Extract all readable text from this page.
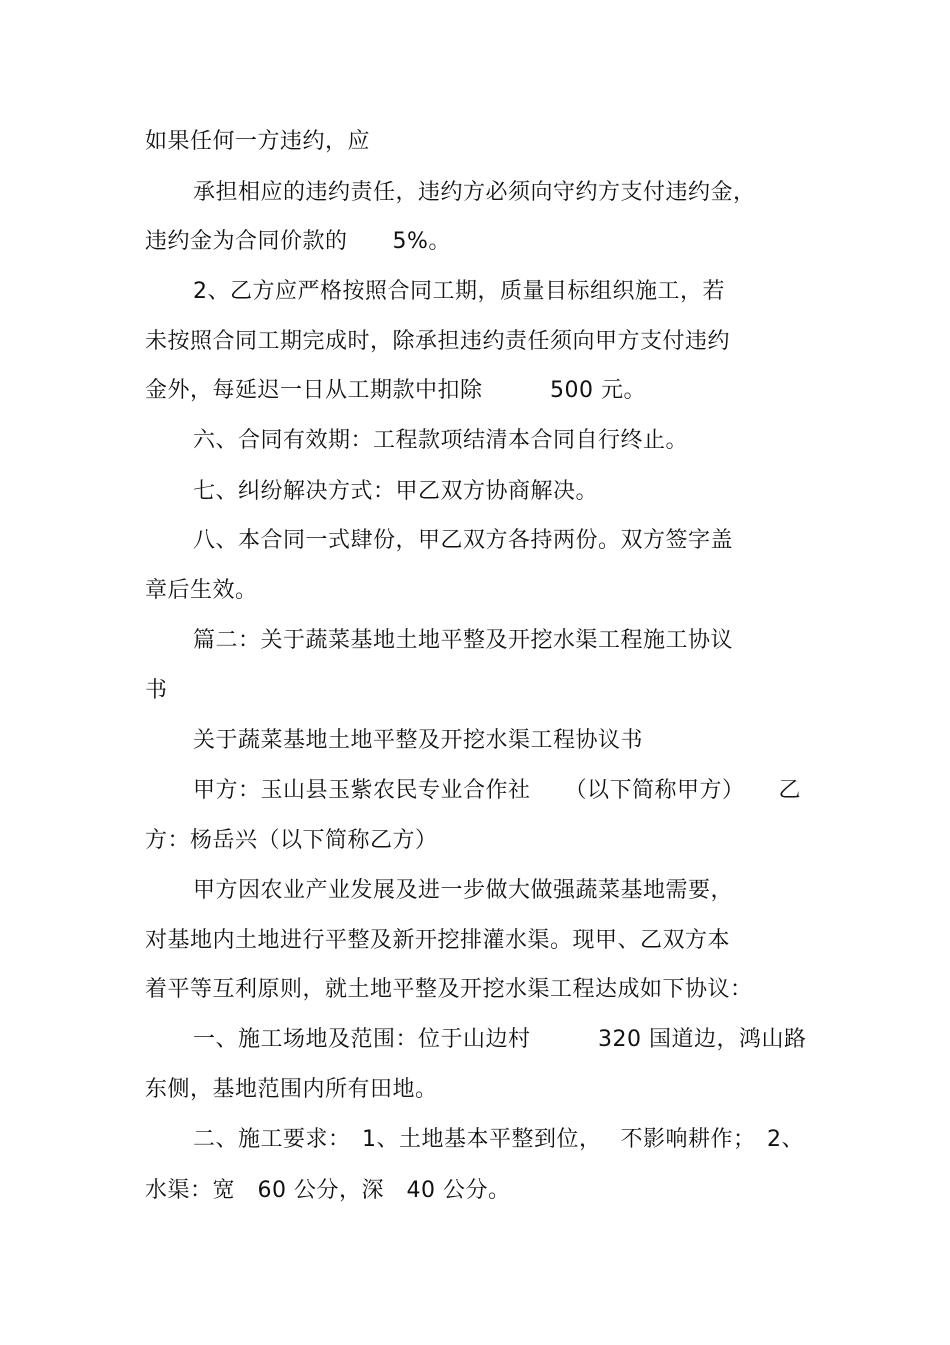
如果任何一方违约，应
承担相应的违约责任，违约方必须向守约方支付违约金，
违约金为合同价款的　　5%。
2、乙方应严格按照合同工期，质量目标组织施工，若
未按照合同工期完成时，除承担违约责任须向甲方支付违约
金外，每延迟一日从工期款中扣除　　　500 元。
六、合同有效期：工程款项结清本合同自行终止。
七、纠纷解决方式：甲乙双方协商解决。
八、本合同一式肆份，甲乙双方各持两份。双方签字盖
章后生效。
篇二：关于蔬菜基地土地平整及开挖水渠工程施工协议
书
关于蔬菜基地土地平整及开挖水渠工程协议书
甲方：玉山县玉紫农民专业合作社　　（以下简称甲方）　　乙
方：杨岳兴（以下简称乙方）
甲方因农业产业发展及进一步做大做强蔬菜基地需要，
对基地内土地进行平整及新开挖排灌水渠。现甲、乙双方本
着平等互利原则，就土地平整及开挖水渠工程达成如下协议：
一、施工场地及范围：位于山边村　　　320 国道边，鸿山路
东侧，基地范围内所有田地。
二、施工要求：　1、土地基本平整到位，　 不影响耕作；　2、
水渠：宽　60 公分，深　40 公分。
